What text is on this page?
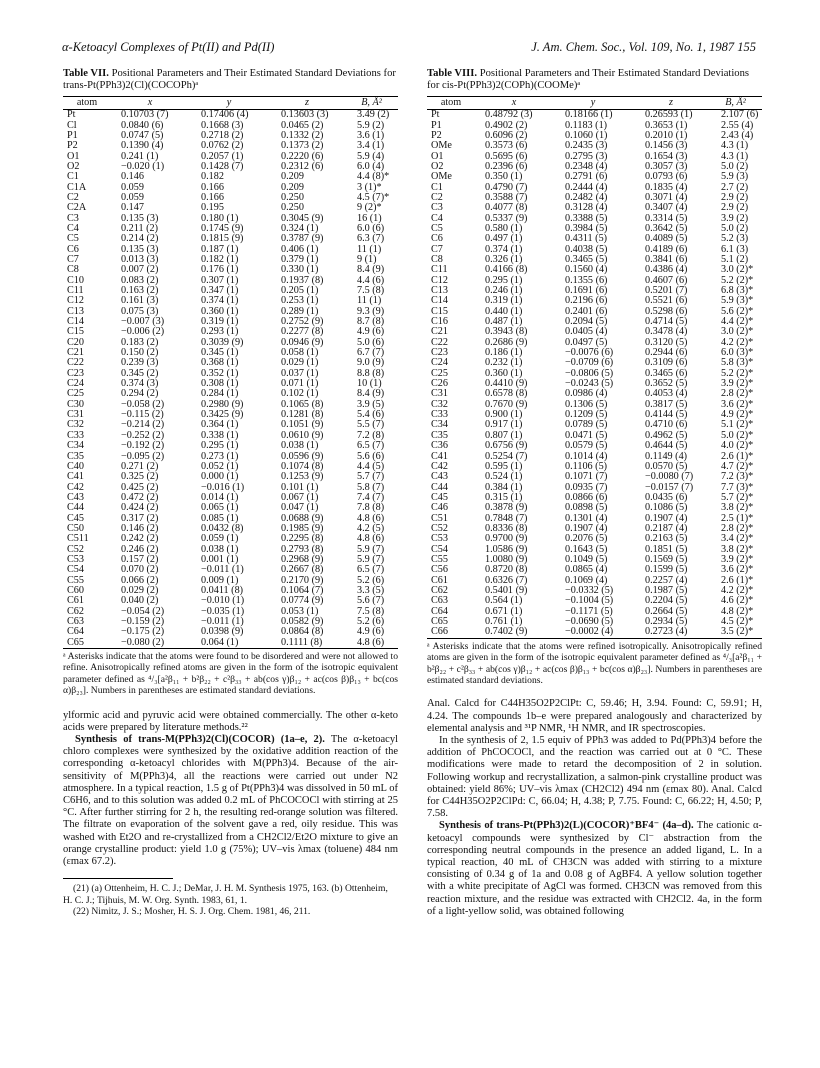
α-Ketoacyl Complexes of Pt(II) and Pd(II)	J. Am. Chem. Soc., Vol. 109, No. 1, 1987 155

Table VII. Positional Parameters and Their Estimated Standard Deviations for trans-Pt(PPh3)2(Cl)(COCOPh)ᵃ

atom	x	y	z	B, Å²
Pt	0.10703 (7)	0.17406 (4)	0.13603 (3)	3.49 (2)
Cl	0.0840 (6)	0.1668 (3)	0.0465 (2)	5.9 (2)
P1	0.0747 (5)	0.2718 (2)	0.1332 (2)	3.6 (1)
P2	0.1390 (4)	0.0762 (2)	0.1373 (2)	3.4 (1)
O1	0.241 (1)	0.2057 (1)	0.2220 (6)	5.9 (4)
O2	−0.020 (1)	0.1428 (7)	0.2312 (6)	6.0 (4)
C1	0.146	0.182	0.209	4.4 (8)*
C1A	0.059	0.166	0.209	3 (1)*
C2	0.059	0.166	0.250	4.5 (7)*
C2A	0.147	0.195	0.250	9 (2)*
C3	0.135 (3)	0.180 (1)	0.3045 (9)	16 (1)
C4	0.211 (2)	0.1745 (9)	0.324 (1)	6.0 (6)
C5	0.214 (2)	0.1815 (9)	0.3787 (9)	6.3 (7)
C6	0.135 (3)	0.187 (1)	0.406 (1)	11 (1)
C7	0.013 (3)	0.182 (1)	0.379 (1)	9 (1)
C8	0.007 (2)	0.176 (1)	0.330 (1)	8.4 (9)
C10	0.083 (2)	0.307 (1)	0.1937 (8)	4.4 (6)
C11	0.163 (2)	0.347 (1)	0.205 (1)	7.5 (8)
C12	0.161 (3)	0.374 (1)	0.253 (1)	11 (1)
C13	0.075 (3)	0.360 (1)	0.289 (1)	9.3 (9)
C14	−0.007 (3)	0.319 (1)	0.2752 (9)	8.7 (8)
C15	−0.006 (2)	0.293 (1)	0.2277 (8)	4.9 (6)
C20	0.183 (2)	0.3039 (9)	0.0946 (9)	5.0 (6)
C21	0.150 (2)	0.345 (1)	0.058 (1)	6.7 (7)
C22	0.239 (3)	0.368 (1)	0.029 (1)	9.0 (9)
C23	0.345 (2)	0.352 (1)	0.037 (1)	8.8 (8)
C24	0.374 (3)	0.308 (1)	0.071 (1)	10 (1)
C25	0.294 (2)	0.284 (1)	0.102 (1)	8.4 (9)
C30	−0.058 (2)	0.2980 (9)	0.1065 (8)	3.9 (5)
C31	−0.115 (2)	0.3425 (9)	0.1281 (8)	5.4 (6)
C32	−0.214 (2)	0.364 (1)	0.1051 (9)	5.5 (7)
C33	−0.252 (2)	0.338 (1)	0.0610 (9)	7.2 (8)
C34	−0.192 (2)	0.295 (1)	0.038 (1)	6.5 (7)
C35	−0.095 (2)	0.273 (1)	0.0596 (9)	5.6 (6)
C40	0.271 (2)	0.052 (1)	0.1074 (8)	4.4 (5)
C41	0.325 (2)	0.000 (1)	0.1253 (9)	5.7 (7)
C42	0.425 (2)	−0.016 (1)	0.101 (1)	5.8 (7)
C43	0.472 (2)	0.014 (1)	0.067 (1)	7.4 (7)
C44	0.424 (2)	0.065 (1)	0.047 (1)	7.8 (8)
C45	0.317 (2)	0.085 (1)	0.0688 (9)	4.8 (6)
C50	0.146 (2)	0.0432 (8)	0.1985 (9)	4.2 (5)
C511	0.242 (2)	0.059 (1)	0.2295 (8)	4.8 (6)
C52	0.246 (2)	0.038 (1)	0.2793 (8)	5.9 (7)
C53	0.157 (2)	0.001 (1)	0.2968 (9)	5.9 (7)
C54	0.070 (2)	−0.011 (1)	0.2667 (8)	6.5 (7)
C55	0.066 (2)	0.009 (1)	0.2170 (9)	5.2 (6)
C60	0.029 (2)	0.0411 (8)	0.1064 (7)	3.3 (5)
C61	0.040 (2)	−0.010 (1)	0.0774 (9)	5.6 (7)
C62	−0.054 (2)	−0.035 (1)	0.053 (1)	7.5 (8)
C63	−0.159 (2)	−0.011 (1)	0.0582 (9)	5.2 (6)
C64	−0.175 (2)	0.0398 (9)	0.0864 (8)	4.9 (6)
C65	−0.080 (2)	0.064 (1)	0.1111 (8)	4.8 (6)

ᵃ Asterisks indicate that the atoms were found to be disordered and were not allowed to refine. Anisotropically refined atoms are given in the form of the isotropic equivalent parameter defined as ⁴/₃[a²β₁₁ + b²β₂₂ + c²β₃₃ + ab(cos γ)β₁₂ + ac(cos β)β₁₃ + bc(cos α)β₂₃]. Numbers in parentheses are estimated standard deviations.

ylformic acid and pyruvic acid were obtained commercially. The other α-keto acids were prepared by literature methods.²²

Synthesis of trans-M(PPh3)2(Cl)(COCOR) (1a–e, 2). The α-ketoacyl chloro complexes were synthesized by the oxidative addition reaction of the corresponding α-ketoacyl chlorides with M(PPh3)4. Because of the air-sensitivity of M(PPh3)4, all the reactions were carried out under N2 atmosphere. In a typical reaction, 1.5 g of Pt(PPh3)4 was dissolved in 50 mL of C6H6, and to this solution was added 0.2 mL of PhCOCOCl with stirring at 25 °C. After further stirring for 2 h, the resulting red-orange solution was filtered. The filtrate on evaporation of the solvent gave a red, oily residue. This was washed with Et2O and re-crystallized from a CH2Cl2/Et2O mixture to give an orange crystalline product: yield 1.0 g (75%); UV–vis λmax (toluene) 484 nm (εmax 67.2).

(21) (a) Ottenheim, H. C. J.; DeMar, J. H. M. Synthesis 1975, 163. (b) Ottenheim, H. C. J.; Tijhuis, M. W. Org. Synth. 1983, 61, 1.

(22) Nimitz, J. S.; Mosher, H. S. J. Org. Chem. 1981, 46, 211.

Table VIII. Positional Parameters and Their Estimated Standard Deviations for cis-Pt(PPh3)2(COPh)(COOMe)ᵃ

atom	x	y	z	B, Å²
Pt	0.48792 (3)	0.18166 (1)	0.26593 (1)	2.107 (6)
P1	0.4902 (2)	0.1183 (1)	0.3653 (1)	2.55 (4)
P2	0.6096 (2)	0.1060 (1)	0.2010 (1)	2.43 (4)
OMe	0.3573 (6)	0.2435 (3)	0.1456 (3)	4.3 (1)
O1	0.5695 (6)	0.2795 (3)	0.1654 (3)	4.3 (1)
O2	0.2396 (6)	0.2348 (4)	0.3057 (3)	5.0 (2)
OMe	0.350 (1)	0.2791 (6)	0.0793 (6)	5.9 (3)
C1	0.4790 (7)	0.2444 (4)	0.1835 (4)	2.7 (2)
C2	0.3588 (7)	0.2482 (4)	0.3071 (4)	2.9 (2)
C3	0.4077 (8)	0.3128 (4)	0.3407 (4)	2.9 (2)
C4	0.5337 (9)	0.3388 (5)	0.3314 (5)	3.9 (2)
C5	0.580 (1)	0.3984 (5)	0.3642 (5)	5.0 (2)
C6	0.497 (1)	0.4311 (5)	0.4089 (5)	5.2 (3)
C7	0.374 (1)	0.4038 (5)	0.4189 (6)	6.1 (3)
C8	0.326 (1)	0.3465 (5)	0.3841 (6)	5.1 (2)
C11	0.4166 (8)	0.1560 (4)	0.4386 (4)	3.0 (2)*
C12	0.295 (1)	0.1355 (6)	0.4607 (6)	5.2 (2)*
C13	0.246 (1)	0.1691 (6)	0.5201 (7)	6.8 (3)*
C14	0.319 (1)	0.2196 (6)	0.5521 (6)	5.9 (3)*
C15	0.440 (1)	0.2401 (6)	0.5298 (6)	5.6 (2)*
C16	0.487 (1)	0.2094 (5)	0.4714 (5)	4.4 (2)*
C21	0.3943 (8)	0.0405 (4)	0.3478 (4)	3.0 (2)*
C22	0.2686 (9)	0.0497 (5)	0.3120 (5)	4.2 (2)*
C23	0.186 (1)	−0.0076 (6)	0.2944 (6)	6.0 (3)*
C24	0.232 (1)	−0.0709 (6)	0.3109 (6)	5.8 (3)*
C25	0.360 (1)	−0.0806 (5)	0.3465 (6)	5.2 (2)*
C26	0.4410 (9)	−0.0243 (5)	0.3652 (5)	3.9 (2)*
C31	0.6578 (8)	0.0986 (4)	0.4053 (4)	2.8 (2)*
C32	0.7670 (9)	0.1306 (5)	0.3817 (5)	3.6 (2)*
C33	0.900 (1)	0.1209 (5)	0.4144 (5)	4.9 (2)*
C34	0.917 (1)	0.0789 (5)	0.4710 (6)	5.1 (2)*
C35	0.807 (1)	0.0471 (5)	0.4962 (5)	5.0 (2)*
C36	0.6756 (9)	0.0579 (5)	0.4644 (5)	4.0 (2)*
C41	0.5254 (7)	0.1014 (4)	0.1149 (4)	2.6 (1)*
C42	0.595 (1)	0.1106 (5)	0.0570 (5)	4.7 (2)*
C43	0.524 (1)	0.1071 (7)	−0.0080 (7)	7.2 (3)*
C44	0.384 (1)	0.0935 (7)	−0.0157 (7)	7.7 (3)*
C45	0.315 (1)	0.0866 (6)	0.0435 (6)	5.7 (2)*
C46	0.3878 (9)	0.0898 (5)	0.1086 (5)	3.8 (2)*
C51	0.7848 (7)	0.1301 (4)	0.1907 (4)	2.5 (1)*
C52	0.8336 (8)	0.1907 (4)	0.2187 (4)	2.8 (2)*
C53	0.9700 (9)	0.2076 (5)	0.2163 (5)	3.4 (2)*
C54	1.0586 (9)	0.1643 (5)	0.1851 (5)	3.8 (2)*
C55	1.0080 (9)	0.1049 (5)	0.1569 (5)	3.9 (2)*
C56	0.8720 (8)	0.0865 (4)	0.1599 (5)	3.6 (2)*
C61	0.6326 (7)	0.1069 (4)	0.2257 (4)	2.6 (1)*
C62	0.5401 (9)	−0.0332 (5)	0.1987 (5)	4.2 (2)*
C63	0.564 (1)	−0.1004 (5)	0.2204 (5)	4.6 (2)*
C64	0.671 (1)	−0.1171 (5)	0.2664 (5)	4.8 (2)*
C65	0.761 (1)	−0.0690 (5)	0.2934 (5)	4.5 (2)*
C66	0.7402 (9)	−0.0002 (4)	0.2723 (4)	3.5 (2)*

ᵃ Asterisks indicate that the atoms were refined isotropically. Anisotropically refined atoms are given in the form of the isotropic equivalent parameter defined as ⁴/₃[a²β₁₁ + b²β₂₂ + c²β₃₃ + ab(cos γ)β₁₂ + ac(cos β)β₁₃ + bc(cos α)β₂₃]. Numbers in parentheses are estimated standard deviations.

Anal. Calcd for C44H35O2P2ClPt: C, 59.46; H, 3.94. Found: C, 59.91; H, 4.24. The compounds 1b–e were prepared analogously and characterized by elemental analysis and ³¹P NMR, ¹H NMR, and IR spectroscopies.

In the synthesis of 2, 1.5 equiv of PPh3 was added to Pd(PPh3)4 before the addition of PhCOCOCl, and the reaction was carried out at 0 °C. These modifications were made to retard the decomposition of 2 in solution. Following workup and recrystallization, a salmon-pink crystalline product was obtained: yield 86%; UV–vis λmax (CH2Cl2) 494 nm (εmax 80). Anal. Calcd for C44H35O2P2ClPd: C, 66.04; H, 4.38; P, 7.75. Found: C, 66.22; H, 4.50; P, 7.58.

Synthesis of trans-Pt(PPh3)2(L)(COCOR)⁺BF4⁻ (4a–d). The cationic α-ketoacyl compounds were synthesized by Cl⁻ abstraction from the corresponding neutral compounds in the presence an added ligand, L. In a typical reaction, 40 mL of CH3CN was added with stirring to a mixture consisting of 0.34 g of 1a and 0.08 g of AgBF4. A yellow solution together with a white precipitate of AgCl was formed. CH3CN was removed from this reaction mixture, and the residue was extracted with CH2Cl2. 4a, in the form of a light-yellow solid, was obtained following
